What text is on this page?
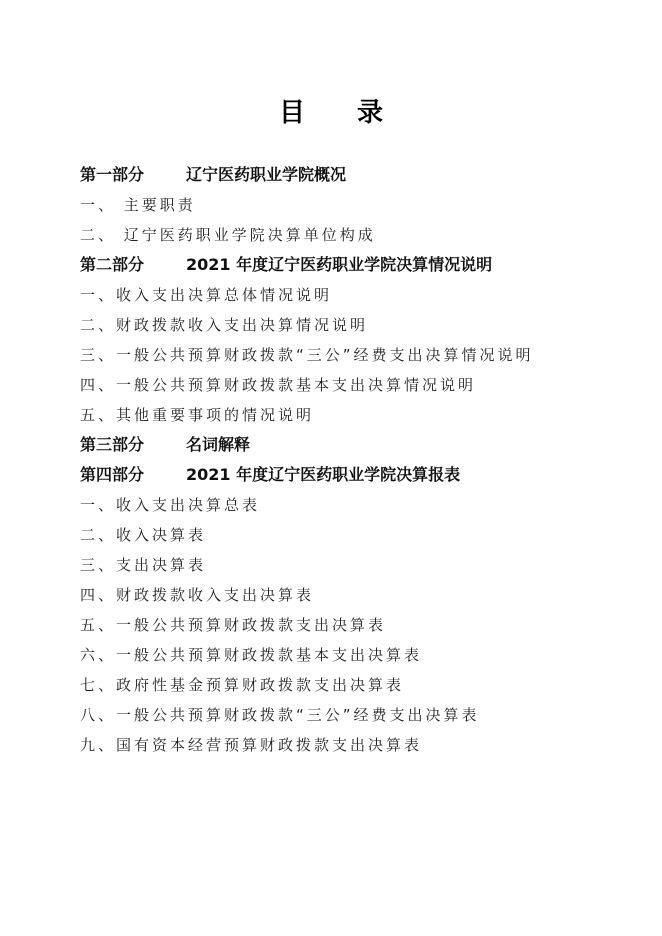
目 录
第一部分	辽宁医药职业学院概况
一、 主要职责
二、 辽宁医药职业学院决算单位构成
第二部分	2021 年度辽宁医药职业学院决算情况说明
一、收入支出决算总体情况说明
二、财政拨款收入支出决算情况说明
三、一般公共预算财政拨款“三公”经费支出决算情况说明
四、一般公共预算财政拨款基本支出决算情况说明
五、其他重要事项的情况说明
第三部分	名词解释
第四部分	2021 年度辽宁医药职业学院决算报表
一、收入支出决算总表
二、收入决算表
三、支出决算表
四、财政拨款收入支出决算表
五、一般公共预算财政拨款支出决算表
六、一般公共预算财政拨款基本支出决算表
七、政府性基金预算财政拨款支出决算表
八、一般公共预算财政拨款“三公”经费支出决算表
九、国有资本经营预算财政拨款支出决算表
